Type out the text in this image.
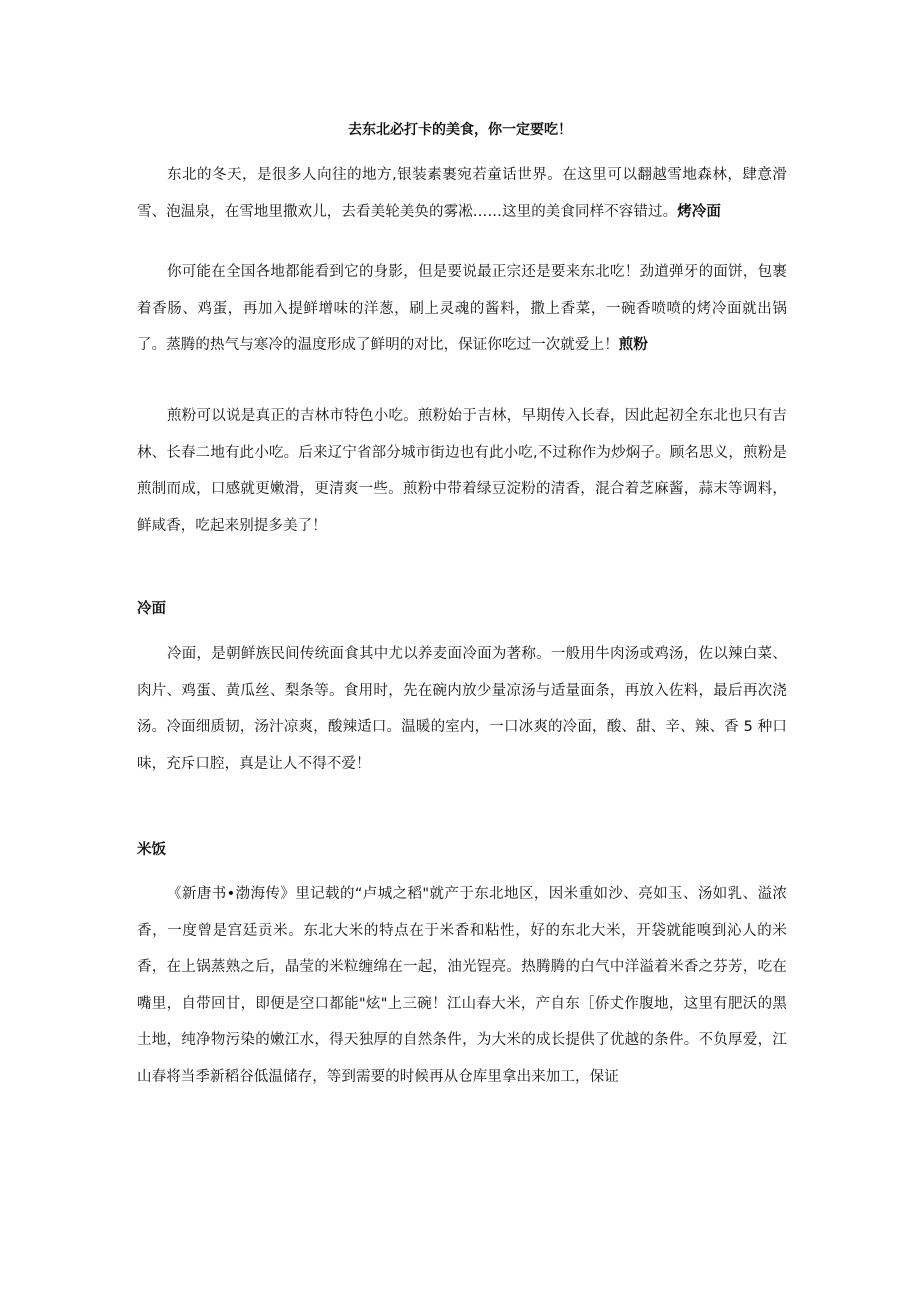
去东北必打卡的美食，你一定要吃！

东北的冬天，是很多人向往的地方,银装素裹宛若童话世界。在这里可以翻越雪地森林，肆意滑雪、泡温泉，在雪地里撒欢儿，去看美轮美奂的雾凇……这里的美食同样不容错过。烤冷面

你可能在全国各地都能看到它的身影，但是要说最正宗还是要来东北吃！劲道弹牙的面饼，包裹着香肠、鸡蛋，再加入提鲜增味的洋葱，刷上灵魂的酱料，撒上香菜，一碗香喷喷的烤冷面就出锅了。蒸腾的热气与寒冷的温度形成了鲜明的对比，保证你吃过一次就爱上！煎粉

煎粉可以说是真正的吉林市特色小吃。煎粉始于吉林，早期传入长春，因此起初全东北也只有吉林、长春二地有此小吃。后来辽宁省部分城市街边也有此小吃,不过称作为炒焖子。顾名思义，煎粉是煎制而成，口感就更嫩滑，更清爽一些。煎粉中带着绿豆淀粉的清香，混合着芝麻酱，蒜末等调料，鲜咸香，吃起来别提多美了！

冷面

冷面，是朝鲜族民间传统面食其中尤以养麦面冷面为著称。一般用牛肉汤或鸡汤，佐以辣白菜、肉片、鸡蛋、黄瓜丝、梨条等。食用时，先在碗内放少量凉汤与适量面条，再放入佐料，最后再次浇汤。冷面细质韧，汤汁凉爽，酸辣适口。温暖的室内，一口冰爽的冷面，酸、甜、辛、辣、香 5 种口味，充斥口腔，真是让人不得不爱！

米饭

《新唐书•渤海传》里记载的“卢城之稻"就产于东北地区，因米重如沙、亮如玉、汤如乳、溢浓香，一度曾是宫廷贡米。东北大米的特点在于米香和粘性，好的东北大米，开袋就能嗅到沁人的米香，在上锅蒸熟之后，晶莹的米粒缠绵在一起，油光锃亮。热腾腾的白气中洋溢着米香之芬芳，吃在嘴里，自带回甘，即便是空口都能"炫"上三碗！江山春大米，产自东［侨𠀋作腹地，这里有肥沃的黑土地，纯净物污染的嫩江水，得天独厚的自然条件，为大米的成长提供了优越的条件。不负厚爱，江山春将当季新稻谷低温储存，等到需要的时候再从仓库里拿出来加工，保证
